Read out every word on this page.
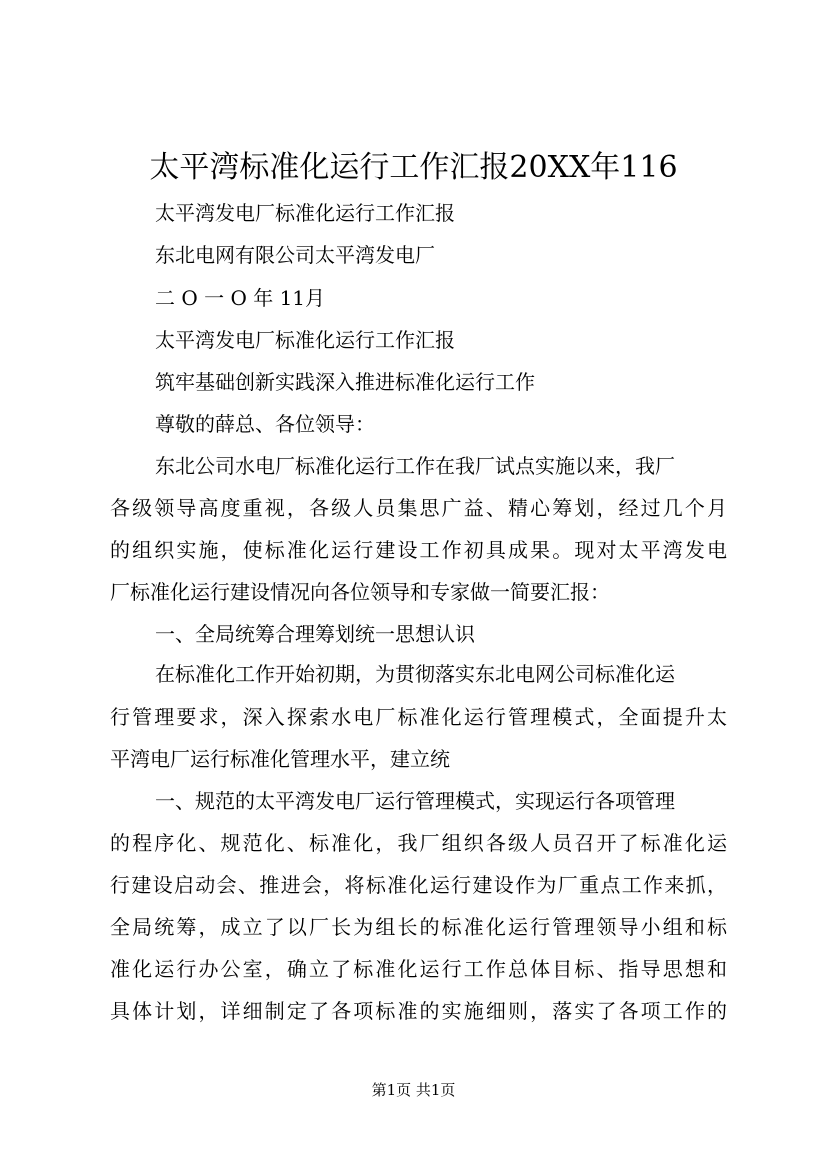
太平湾标准化运行工作汇报20XX年116
太平湾发电厂标准化运行工作汇报
东北电网有限公司太平湾发电厂
二 O 一 O 年 11月
太平湾发电厂标准化运行工作汇报
筑牢基础创新实践深入推进标准化运行工作
尊敬的薛总、各位领导：
东北公司水电厂标准化运行工作在我厂试点实施以来，我厂
各级领导高度重视，各级人员集思广益、精心筹划，经过几个月
的组织实施，使标准化运行建设工作初具成果。现对太平湾发电
厂标准化运行建设情况向各位领导和专家做一简要汇报：
一、全局统筹合理筹划统一思想认识
在标准化工作开始初期，为贯彻落实东北电网公司标准化运
行管理要求，深入探索水电厂标准化运行管理模式，全面提升太
平湾电厂运行标准化管理水平，建立统
一、规范的太平湾发电厂运行管理模式，实现运行各项管理
的程序化、规范化、标准化，我厂组织各级人员召开了标准化运
行建设启动会、推进会，将标准化运行建设作为厂重点工作来抓，
全局统筹，成立了以厂长为组长的标准化运行管理领导小组和标
准化运行办公室，确立了标准化运行工作总体目标、指导思想和
具体计划，详细制定了各项标准的实施细则，落实了各项工作的
第1页 共1页
